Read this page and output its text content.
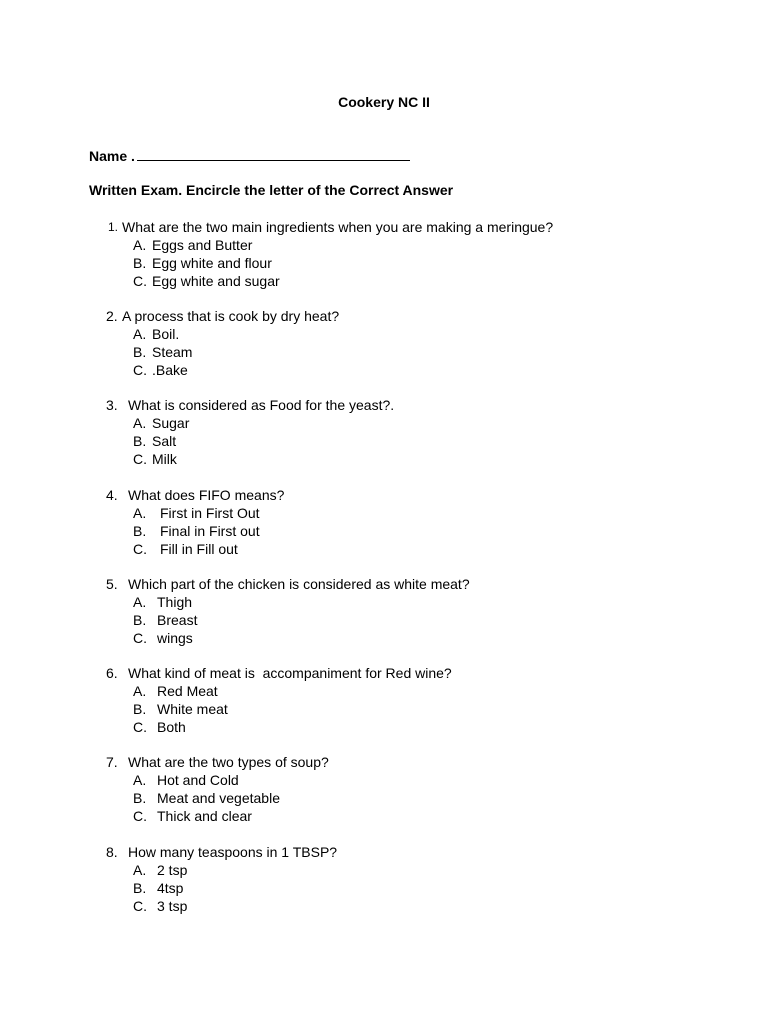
Cookery NC II
Name .
Written Exam. Encircle the letter of the Correct Answer
1. What are the two main ingredients when you are making a meringue?
A. Eggs and Butter
B. Egg white and flour
C. Egg white and sugar
2. A process that is cook by dry heat?
A. Boil.
B. Steam
C. .Bake
3. What is considered as Food for the yeast?.
A. Sugar
B. Salt
C. Milk
4. What does FIFO means?
A. First in First Out
B. Final in First out
C. Fill in Fill out
5. Which part of the chicken is considered as white meat?
A. Thigh
B. Breast
C. wings
6. What kind of meat is  accompaniment for Red wine?
A. Red Meat
B. White meat
C. Both
7. What are the two types of soup?
A. Hot and Cold
B. Meat and vegetable
C. Thick and clear
8. How many teaspoons in 1 TBSP?
A. 2 tsp
B. 4tsp
C. 3 tsp
